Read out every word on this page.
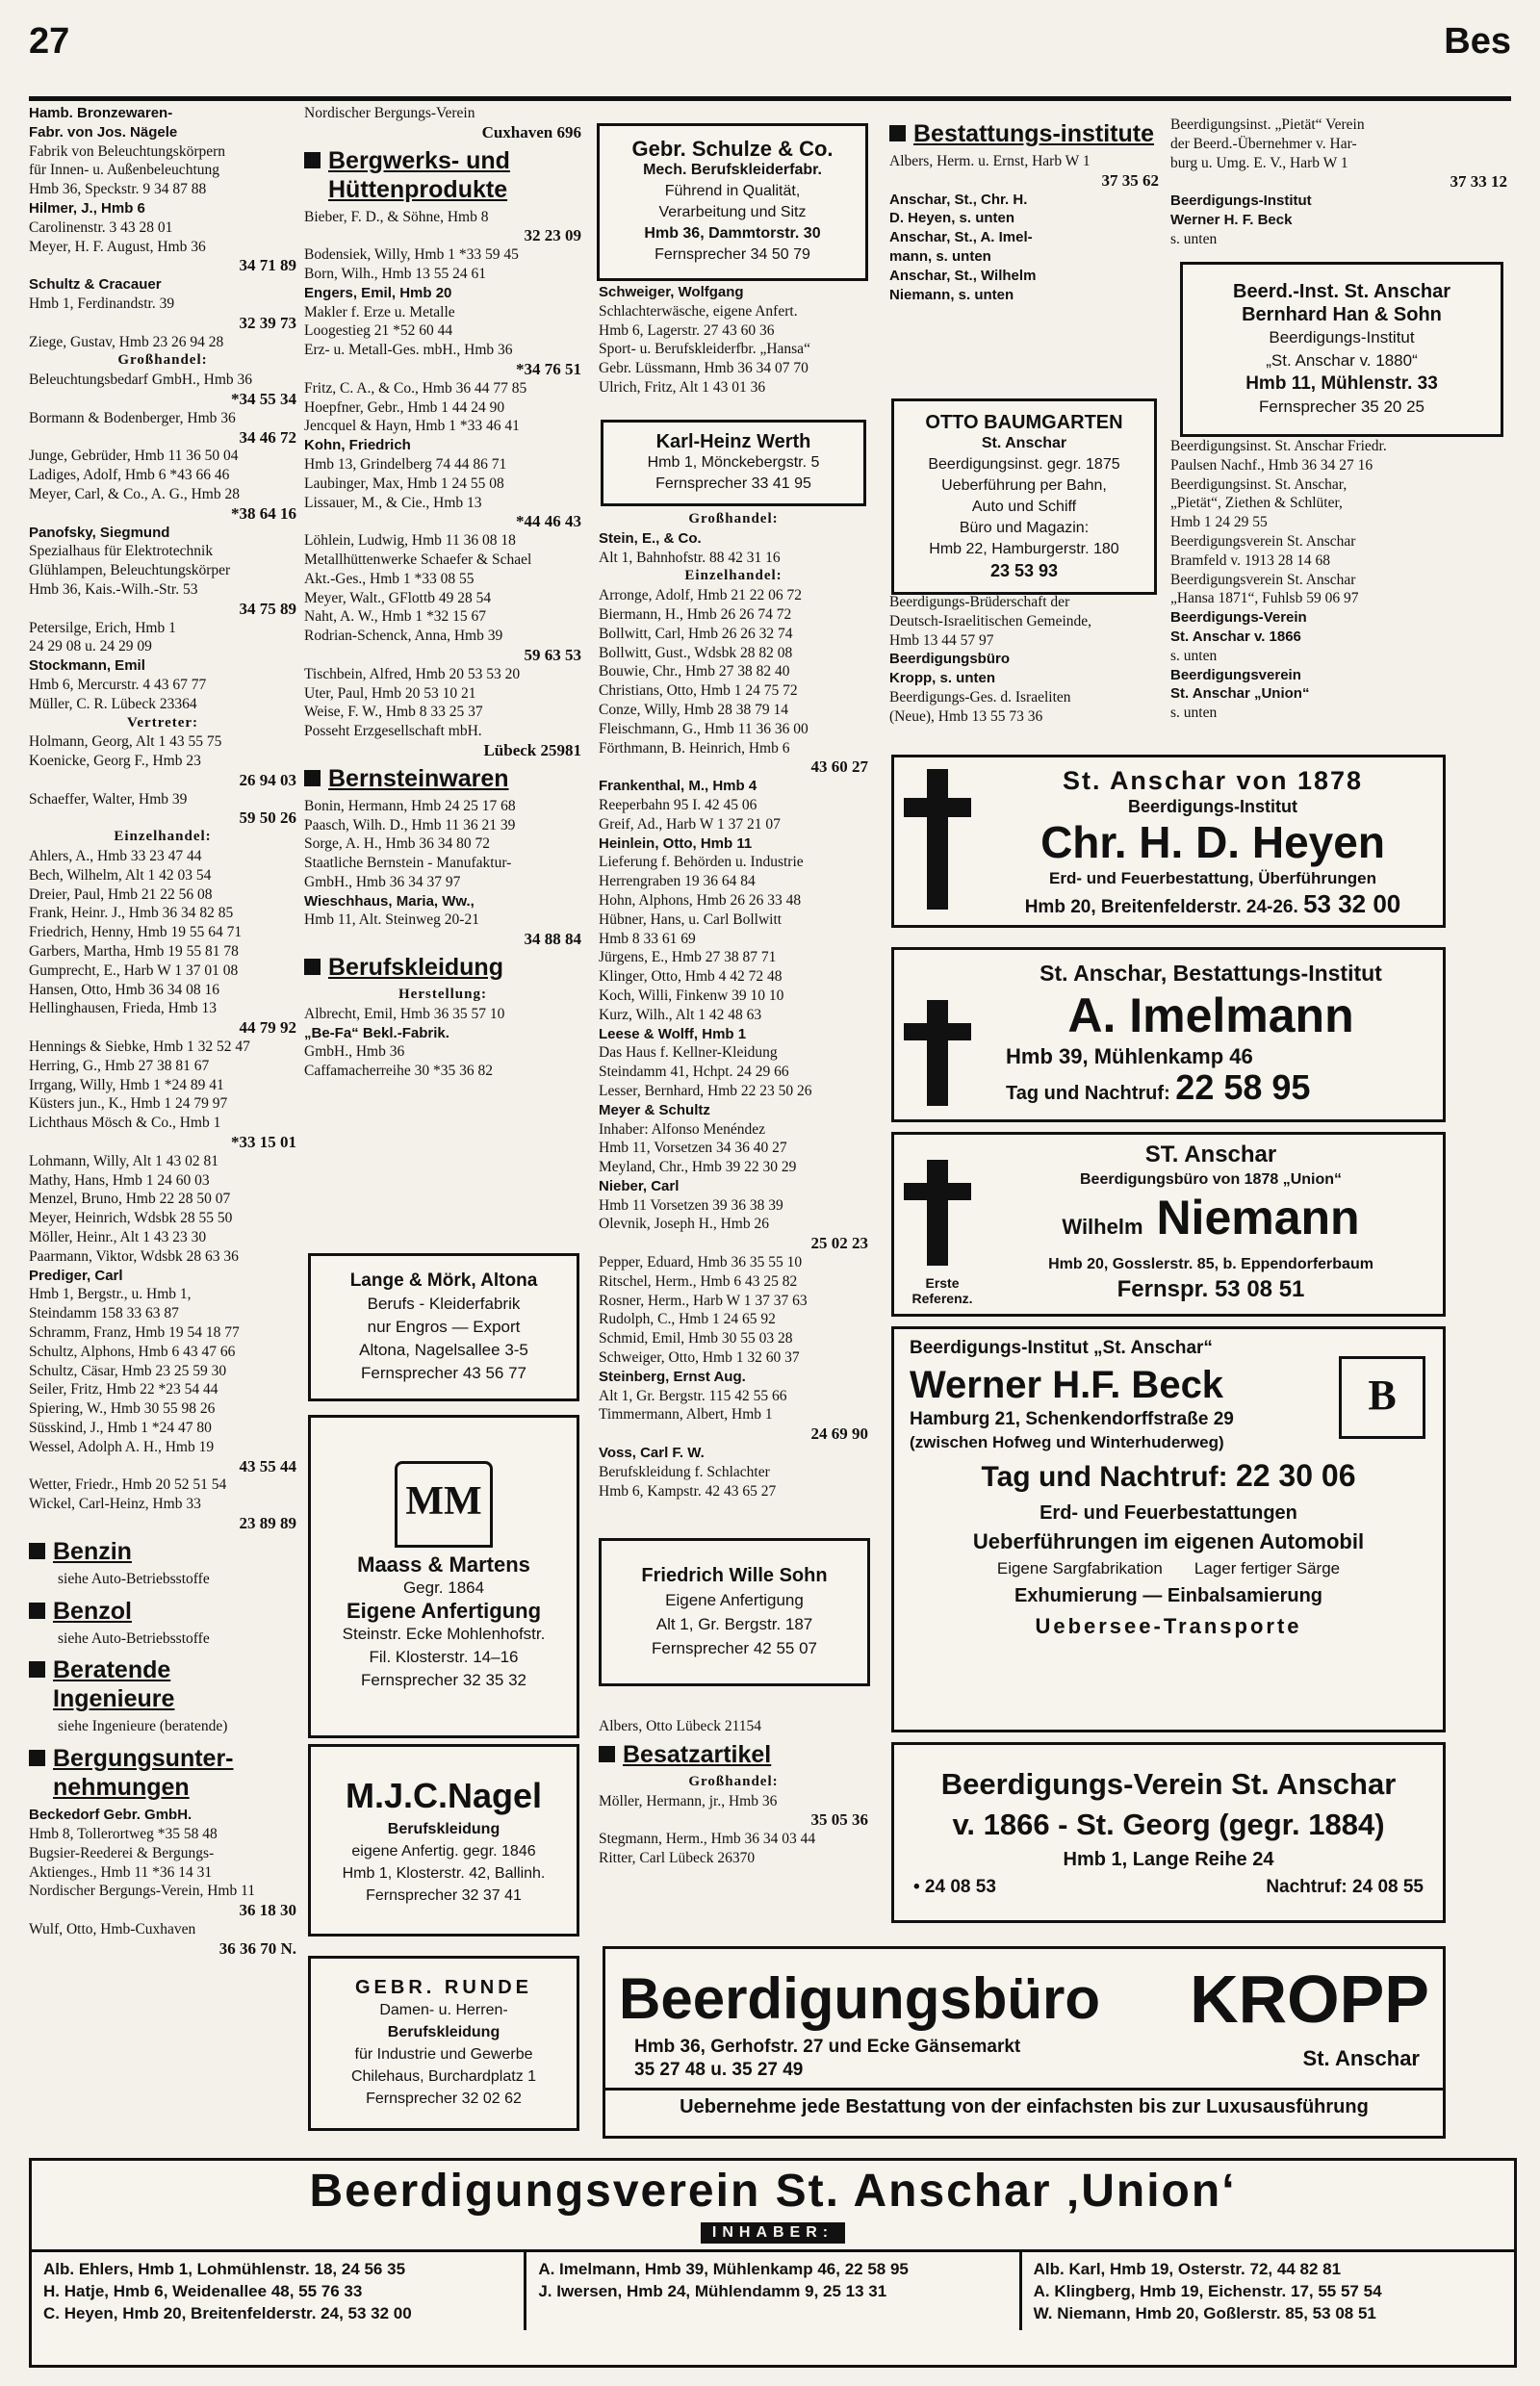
27	Bes

Hamb. Bronzewaren-

Fabr. von Jos. Nägele

Fabrik von Beleuchtungskörpern

für Innen- u. Außenbeleuchtung

Hmb 36, Speckstr. 9 34 87 88

Hilmer, J., Hmb 6

Carolinenstr. 3 43 28 01

Meyer, H. F. August, Hmb 36

34 71 89

Schultz & Cracauer

Hmb 1, Ferdinandstr. 39

32 39 73

Ziege, Gustav, Hmb 23 26 94 28

Großhandel:

Beleuchtungsbedarf GmbH., Hmb 36

*34 55 34

Bormann & Bodenberger, Hmb 36

34 46 72

Junge, Gebrüder, Hmb 11 36 50 04

Ladiges, Adolf, Hmb 6 *43 66 46

Meyer, Carl, & Co., A. G., Hmb 28

*38 64 16

Panofsky, Siegmund

Spezialhaus für Elektrotechnik

Glühlampen, Beleuchtungskörper

Hmb 36, Kais.-Wilh.-Str. 53

34 75 89

Petersilge, Erich, Hmb 1

24 29 08 u. 24 29 09

Stockmann, Emil

Hmb 6, Mercurstr. 4 43 67 77

Müller, C. R. Lübeck 23364

Vertreter:

Holmann, Georg, Alt 1 43 55 75

Koenicke, Georg F., Hmb 23

26 94 03

Schaeffer, Walter, Hmb 39

59 50 26

Einzelhandel:

Ahlers, A., Hmb 33 23 47 44

Bech, Wilhelm, Alt 1 42 03 54

Dreier, Paul, Hmb 21 22 56 08

Frank, Heinr. J., Hmb 36 34 82 85

Friedrich, Henny, Hmb 19 55 64 71

Garbers, Martha, Hmb 19 55 81 78

Gumprecht, E., Harb W 1 37 01 08

Hansen, Otto, Hmb 36 34 08 16

Hellinghausen, Frieda, Hmb 13

44 79 92

Hennings & Siebke, Hmb 1 32 52 47

Herring, G., Hmb 27 38 81 67

Irrgang, Willy, Hmb 1 *24 89 41

Küsters jun., K., Hmb 1 24 79 97

Lichthaus Mösch & Co., Hmb 1

*33 15 01

Lohmann, Willy, Alt 1 43 02 81

Mathy, Hans, Hmb 1 24 60 03

Menzel, Bruno, Hmb 22 28 50 07

Meyer, Heinrich, Wdsbk 28 55 50

Möller, Heinr., Alt 1 43 23 30

Paarmann, Viktor, Wdsbk 28 63 36

Prediger, Carl

Hmb 1, Bergstr., u. Hmb 1,

Steindamm 158 33 63 87

Schramm, Franz, Hmb 19 54 18 77

Schultz, Alphons, Hmb 6 43 47 66

Schultz, Cäsar, Hmb 23 25 59 30

Seiler, Fritz, Hmb 22 *23 54 44

Spiering, W., Hmb 30 55 98 26

Süsskind, J., Hmb 1 *24 47 80

Wessel, Adolph A. H., Hmb 19

43 55 44

Wetter, Friedr., Hmb 20 52 51 54

Wickel, Carl-Heinz, Hmb 33

23 89 89

Benzin
siehe Auto-Betriebsstoffe
Benzol
siehe Auto-Betriebsstoffe
Beratende Ingenieure
siehe Ingenieure (beratende)
Bergungsunter-nehmungen

Beckedorf Gebr. GmbH.

Hmb 8, Tollerortweg *35 58 48

Bugsier-Reederei & Bergungs-

Aktienges., Hmb 11 *36 14 31

Nordischer Bergungs-Verein, Hmb 11

36 18 30

Wulf, Otto, Hmb-Cuxhaven

36 36 70 N.

Nordischer Bergungs-Verein

Cuxhaven 696

Bergwerks- und Hüttenprodukte

Bieber, F. D., & Söhne, Hmb 8

32 23 09

Bodensiek, Willy, Hmb 1 *33 59 45

Born, Wilh., Hmb 13 55 24 61

Engers, Emil, Hmb 20

Makler f. Erze u. Metalle

Loogestieg 21 *52 60 44

Erz- u. Metall-Ges. mbH., Hmb 36

*34 76 51

Fritz, C. A., & Co., Hmb 36 44 77 85

Hoepfner, Gebr., Hmb 1 44 24 90

Jencquel & Hayn, Hmb 1 *33 46 41

Kohn, Friedrich

Hmb 13, Grindelberg 74 44 86 71

Laubinger, Max, Hmb 1 24 55 08

Lissauer, M., & Cie., Hmb 13

*44 46 43

Löhlein, Ludwig, Hmb 11 36 08 18

Metallhüttenwerke Schaefer & Schael

Akt.-Ges., Hmb 1 *33 08 55

Meyer, Walt., GFlottb 49 28 54

Naht, A. W., Hmb 1 *32 15 67

Rodrian-Schenck, Anna, Hmb 39

59 63 53

Tischbein, Alfred, Hmb 20 53 53 20

Uter, Paul, Hmb 20 53 10 21

Weise, F. W., Hmb 8 33 25 37

Posseht Erzgesellschaft mbH.

Lübeck 25981

Bernsteinwaren

Bonin, Hermann, Hmb 24 25 17 68

Paasch, Wilh. D., Hmb 11 36 21 39

Sorge, A. H., Hmb 36 34 80 72

Staatliche Bernstein - Manufaktur-

GmbH., Hmb 36 34 37 97

Wieschhaus, Maria, Ww.,

Hmb 11, Alt. Steinweg 20-21

34 88 84

Berufskleidung

Herstellung:

Albrecht, Emil, Hmb 36 35 57 10

„Be-Fa“ Bekl.-Fabrik.

GmbH., Hmb 36

Caffamacherreihe 30 *35 36 82

Lange & Mörk, Altona

Berufs - Kleiderfabrik

nur Engros — Export

Altona, Nagelsallee 3-5

Fernsprecher 43 56 77

MM

Maass & Martens

Gegr. 1864

Eigene Anfertigung

Steinstr. Ecke Mohlenhofstr.

Fil. Klosterstr. 14–16

Fernsprecher 32 35 32

M.J.C.Nagel

Berufskleidung

eigene Anfertig. gegr. 1846

Hmb 1, Klosterstr. 42, Ballinh.

Fernsprecher 32 37 41

GEBR. RUNDE

Damen- u. Herren-

Berufskleidung

für Industrie und Gewerbe

Chilehaus, Burchardplatz 1

Fernsprecher 32 02 62

Gebr. Schulze & Co.

Mech. Berufskleiderfabr.

Führend in Qualität,

Verarbeitung und Sitz

Hmb 36, Dammtorstr. 30

Fernsprecher 34 50 79

Schweiger, Wolfgang

Schlachterwäsche, eigene Anfert.

Hmb 6, Lagerstr. 27 43 60 36

Sport- u. Berufskleiderfbr. „Hansa“

Gebr. Lüssmann, Hmb 36 34 07 70

Ulrich, Fritz, Alt 1 43 01 36

Karl-Heinz Werth

Hmb 1, Mönckebergstr. 5

Fernsprecher 33 41 95

Großhandel:

Stein, E., & Co.

Alt 1, Bahnhofstr. 88 42 31 16

Einzelhandel:

Arronge, Adolf, Hmb 21 22 06 72

Biermann, H., Hmb 26 26 74 72

Bollwitt, Carl, Hmb 26 26 32 74

Bollwitt, Gust., Wdsbk 28 82 08

Bouwie, Chr., Hmb 27 38 82 40

Christians, Otto, Hmb 1 24 75 72

Conze, Willy, Hmb 28 38 79 14

Fleischmann, G., Hmb 11 36 36 00

Förthmann, B. Heinrich, Hmb 6

43 60 27

Frankenthal, M., Hmb 4

Reeperbahn 95 I. 42 45 06

Greif, Ad., Harb W 1 37 21 07

Heinlein, Otto, Hmb 11

Lieferung f. Behörden u. Industrie

Herrengraben 19 36 64 84

Hohn, Alphons, Hmb 26 26 33 48

Hübner, Hans, u. Carl Bollwitt

Hmb 8 33 61 69

Jürgens, E., Hmb 27 38 87 71

Klinger, Otto, Hmb 4 42 72 48

Koch, Willi, Finkenw 39 10 10

Kurz, Wilh., Alt 1 42 48 63

Leese & Wolff, Hmb 1

Das Haus f. Kellner-Kleidung

Steindamm 41, Hchpt. 24 29 66

Lesser, Bernhard, Hmb 22 23 50 26

Meyer & Schultz

Inhaber: Alfonso Menéndez

Hmb 11, Vorsetzen 34 36 40 27

Meyland, Chr., Hmb 39 22 30 29

Nieber, Carl

Hmb 11 Vorsetzen 39 36 38 39

Olevnik, Joseph H., Hmb 26

25 02 23

Pepper, Eduard, Hmb 36 35 55 10

Ritschel, Herm., Hmb 6 43 25 82

Rosner, Herm., Harb W 1 37 37 63

Rudolph, C., Hmb 1 24 65 92

Schmid, Emil, Hmb 30 55 03 28

Schweiger, Otto, Hmb 1 32 60 37

Steinberg, Ernst Aug.

Alt 1, Gr. Bergstr. 115 42 55 66

Timmermann, Albert, Hmb 1

24 69 90

Voss, Carl F. W.

Berufskleidung f. Schlachter

Hmb 6, Kampstr. 42 43 65 27

Friedrich Wille Sohn

Eigene Anfertigung

Alt 1, Gr. Bergstr. 187

Fernsprecher 42 55 07

Albers, Otto Lübeck 21154

Besatzartikel

Großhandel:

Möller, Hermann, jr., Hmb 36

35 05 36

Stegmann, Herm., Hmb 36 34 03 44

Ritter, Carl Lübeck 26370

Bestattungs-institute

Albers, Herm. u. Ernst, Harb W 1

37 35 62

Anschar, St., Chr. H.

D. Heyen, s. unten

Anschar, St., A. Imel-

mann, s. unten

Anschar, St., Wilhelm

Niemann, s. unten

OTTO BAUMGARTEN

St. Anschar

Beerdigungsinst. gegr. 1875

Ueberführung per Bahn,

Auto und Schiff

Büro und Magazin:

Hmb 22, Hamburgerstr. 180

23 53 93

Beerdigungs-Brüderschaft der

Deutsch-Israelitischen Gemeinde,

Hmb 13 44 57 97

Beerdigungsbüro

Kropp, s. unten

Beerdigungs-Ges. d. Israeliten

(Neue), Hmb 13 55 73 36

Beerdigungsinst. „Pietät“ Verein

der Beerd.-Übernehmer v. Har-

burg u. Umg. E. V., Harb W 1

37 33 12

Beerdigungs-Institut

Werner H. F. Beck

s. unten

Beerd.-Inst. St. Anschar

Bernhard Han & Sohn

Beerdigungs-Institut

„St. Anschar v. 1880“

Hmb 11, Mühlenstr. 33

Fernsprecher 35 20 25

Beerdigungsinst. St. Anschar Friedr.

Paulsen Nachf., Hmb 36 34 27 16

Beerdigungsinst. St. Anschar,

„Pietät“, Ziethen & Schlüter,

Hmb 1 24 29 55

Beerdigungsverein St. Anschar

Bramfeld v. 1913 28 14 68

Beerdigungsverein St. Anschar

„Hansa 1871“, Fuhlsb 59 06 97

Beerdigungs-Verein

St. Anschar v. 1866

s. unten

Beerdigungsverein

St. Anschar „Union“

s. unten

St. Anschar von 1878

Beerdigungs-Institut

Chr. H. D. Heyen

Erd- und Feuerbestattung, Überführungen

Hmb 20, Breitenfelderstr. 24-26. 53 32 00

St. Anschar, Bestattungs-Institut

A. Imelmann

Hmb 39, Mühlenkamp 46

Tag und Nachtruf: 22 58 95

Erste Referenz.

ST. Anschar

Beerdigungsbüro von 1878 „Union“

Wilhelm Niemann

Hmb 20, Gosslerstr. 85, b. Eppendorferbaum

Fernspr. 53 08 51

B

Beerdigungs-Institut „St. Anschar“

Werner H.F. Beck

Hamburg 21, Schenkendorffstraße 29

(zwischen Hofweg und Winterhuderweg)

Tag und Nachtruf: 22 30 06

Erd- und Feuerbestattungen

Ueberführungen im eigenen Automobil

Eigene Sargfabrikation       Lager fertiger Särge

Exhumierung — Einbalsamierung

Uebersee-Transporte

Beerdigungs-Verein St. Anschar

v. 1866 - St. Georg (gegr. 1884)

Hmb 1, Lange Reihe 24

• 24 08 53	Nachtruf: 24 08 55

Beerdigungsbüro KROPP

Hmb 36, Gerhofstr. 27 und Ecke Gänsemarkt

35 27 48 u. 35 27 49	St. Anschar

Uebernehme jede Bestattung von der einfachsten bis zur Luxusausführung

Beerdigungsverein St. Anschar ‚Union‘

INHABER:

Alb. Ehlers, Hmb 1, Lohmühlenstr. 18, 24 56 35
H. Hatje, Hmb 6, Weidenallee 48, 55 76 33
C. Heyen, Hmb 20, Breitenfelderstr. 24, 53 32 00
A. Imelmann, Hmb 39, Mühlenkamp 46, 22 58 95
J. Iwersen, Hmb 24, Mühlendamm 9, 25 13 31
Alb. Karl, Hmb 19, Osterstr. 72, 44 82 81
A. Klingberg, Hmb 19, Eichenstr. 17, 55 57 54
W. Niemann, Hmb 20, Goßlerstr. 85, 53 08 51
